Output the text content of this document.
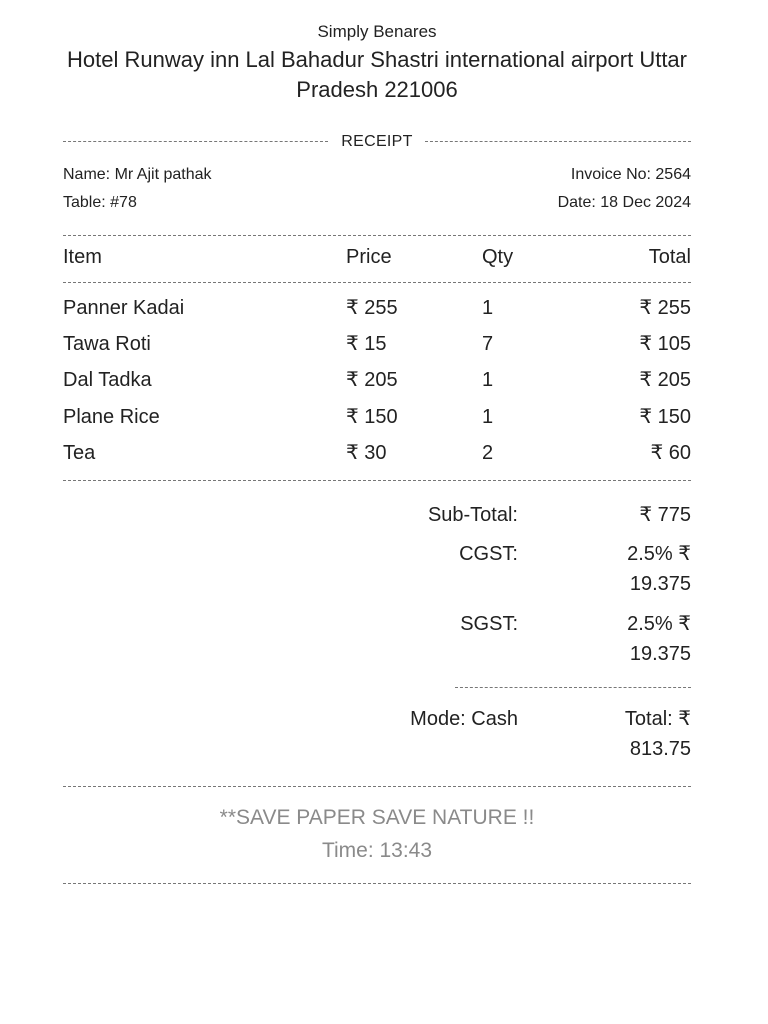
Simply Benares
Hotel Runway inn Lal Bahadur Shastri international airport Uttar Pradesh 221006
RECEIPT
Name: Mr Ajit pathak	Invoice No: 2564
Table: #78	Date: 18 Dec 2024
Item	Price	Qty	Total
Panner Kadai	₹ 255	1	₹ 255
Tawa Roti	₹ 15	7	₹ 105
Dal Tadka	₹ 205	1	₹ 205
Plane Rice	₹ 150	1	₹ 150
Tea	₹ 30	2	₹ 60
Sub-Total:	₹ 775
CGST:	2.5% ₹ 19.375
SGST:	2.5% ₹ 19.375
Mode: Cash	Total: ₹ 813.75
**SAVE PAPER SAVE NATURE !!
Time: 13:43
